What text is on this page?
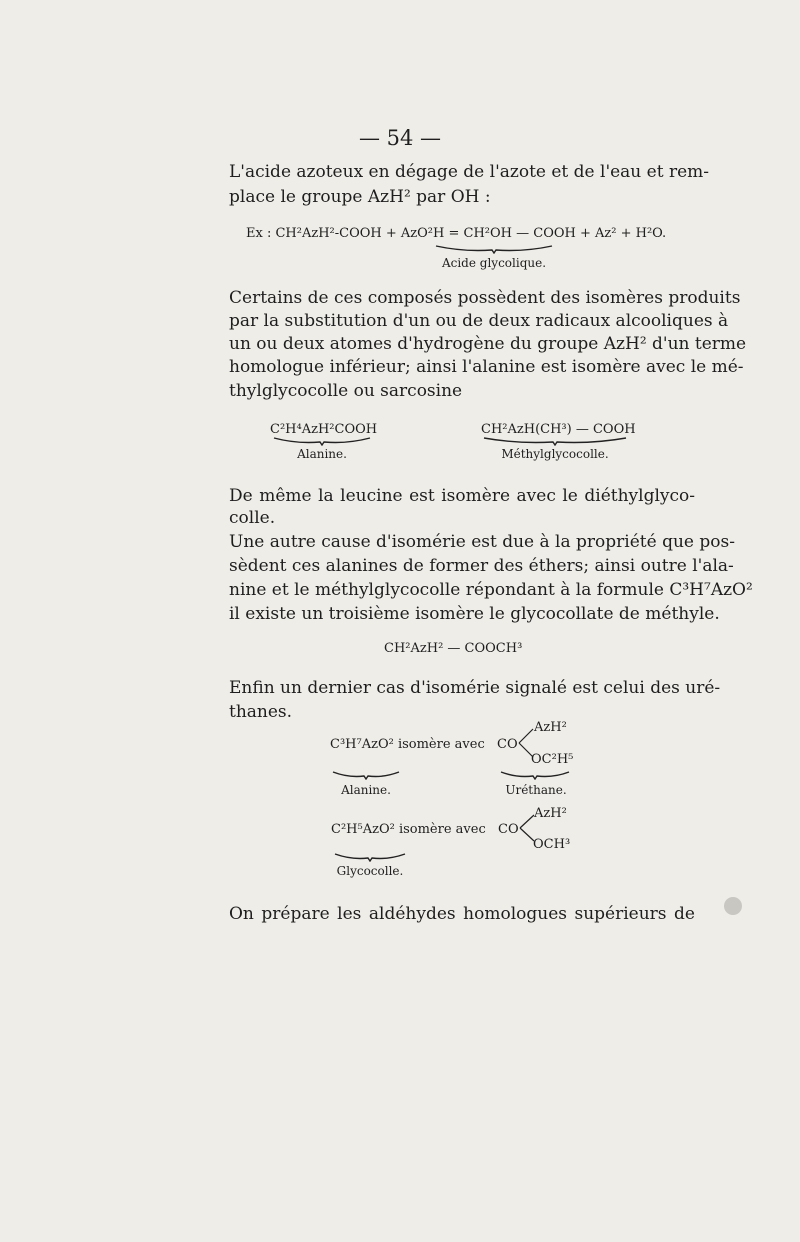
— 54 —
L'acide azoteux en dégage de l'azote et de l'eau et rem-
place le groupe AzH² par OH :
Ex : CH²AzH²-COOH + AzO²H = CH²OH — COOH + Az² + H²O.
Acide glycolique.
Certains de ces composés possèdent des isomères produits
par la substitution d'un ou de deux radicaux alcooliques à
un ou deux atomes d'hydrogène du groupe AzH² d'un terme
homologue inférieur; ainsi l'alanine est isomère avec le mé-
thylglycocolle ou sarcosine
C²H⁴AzH²COOH
Alanine.
CH²AzH(CH³) — COOH
Méthylglycocolle.
De même la leucine est isomère avec le diéthylglyco-
colle.
Une autre cause d'isomérie est due à la propriété que pos-
sèdent ces alanines de former des éthers; ainsi outre l'ala-
nine et le méthylglycocolle répondant à la formule C³H⁷AzO²
il existe un troisième isomère le glycocollate de méthyle.
CH²AzH² — COOCH³
Enfin un dernier cas d'isomérie signalé est celui des uré-
thanes.
C³H⁷AzO² isomère avec CO
AzH²
OC²H⁵
Alanine.	Uréthane.
C²H⁵AzO² isomère avec CO
AzH²
OCH³
Glycocolle.
On prépare les aldéhydes homologues supérieurs de
